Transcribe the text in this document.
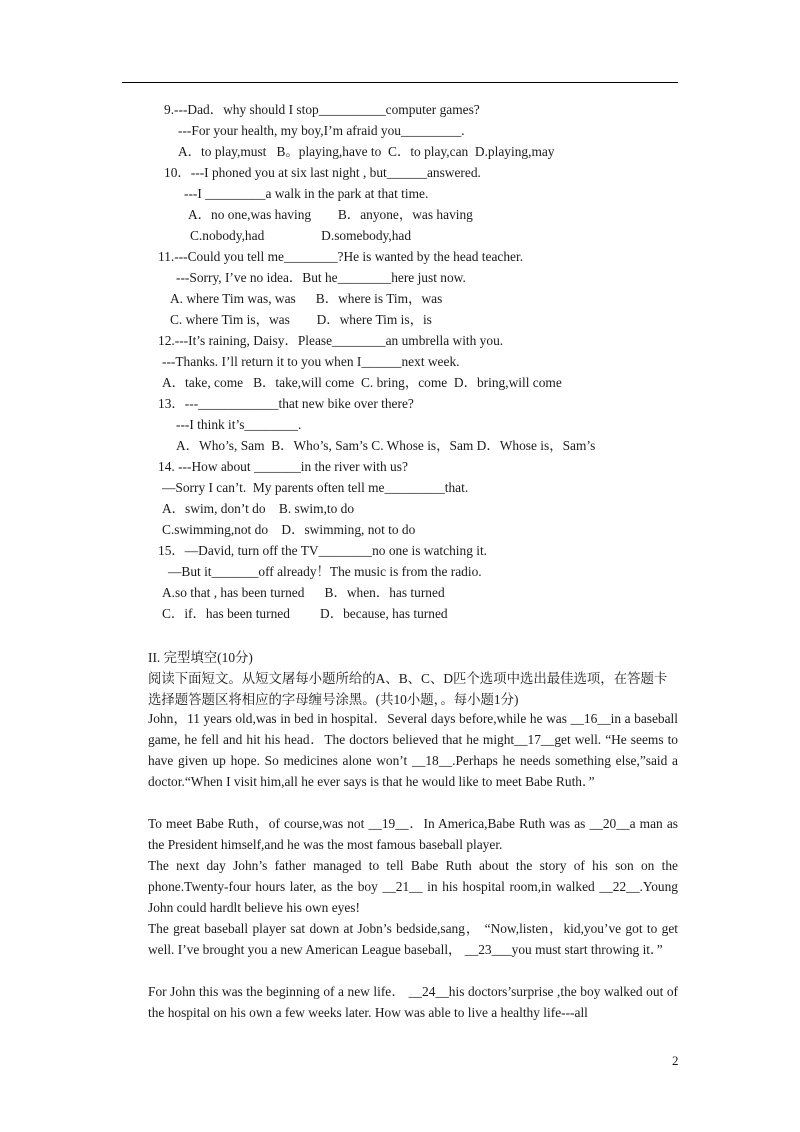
9.---Dad．why should I stop__________computer games?
---For your health, my boy,I’m afraid you_________.
A．to play,must   B。playing,have to  C．to play,can  D.playing,may
10．---I phoned you at six last night , but______answered.
---I _________a walk in the park at that time.
A．no one,was having        B．anyone，was having
C.nobody,had                 D.somebody,had
11.---Could you tell me________?He is wanted by the head teacher.
---Sorry, I’ve no idea．But he________here just now.
A. where Tim was, was      B．where is Tim，was
C. where Tim is，was        D．where Tim is，is
12.---It’s raining, Daisy．Please________an umbrella with you.
---Thanks. I’ll return it to you when I______next week.
A．take, come   B．take,will come  C. bring，come  D．bring,will come
13．---____________that new bike over there?
---I think it’s________.
A．Who’s, Sam  B．Who’s, Sam’s C. Whose is，Sam D．Whose is，Sam’s
14. ---How about _______in the river with us?
—Sorry I can’t.  My parents often tell me_________that.
A．swim, don’t do    B. swim,to do
C.swimming,not do    D．swimming, not to do
15．—David, turn off the TV________no one is watching it.
—But it_______off already！The music is from the radio.
A.so that , has been turned      B．when．has turned
C．if．has been turned         D．because, has turned
II. 完型填空(10分)
阅读下面短文。从短文屠每小题所给的A、B、C、D匹个选项中选出最佳选项，在答题卡
选择题答题区将相应的字母缠号涂黑。(共10小题，。每小题1分)
John，11 years old,was in bed in hospital．Several days before,while he was __16__in a baseball game, he fell and hit his head．The doctors believed that he might__17__get well. “He seems to have given up hope. So medicines alone won’t __18__.Perhaps he needs something else,”said a doctor.“When I visit him,all he ever says is that he would like to meet Babe Ruth．”
To meet Babe Ruth，of course,was not __19__．In America,Babe Ruth was as __20__a man as the President himself,and he was the most famous baseball player.
The next day John’s father managed to tell Babe Ruth about the story of his son on the phone.Twenty-four hours later, as the boy __21__ in his hospital room,in walked __22__.Young John could hardlt believe his own eyes!
The great baseball player sat down at Jobn’s bedside,sang， “Now,listen，kid,you’ve got to get well. I’ve brought you a new American League baseball， __23___you must start throwing it．”
For John this was the beginning of a new life． __24__his doctors’surprise ,the boy walked out of the hospital on his own a few weeks later. How was able to live a healthy life---all
2
